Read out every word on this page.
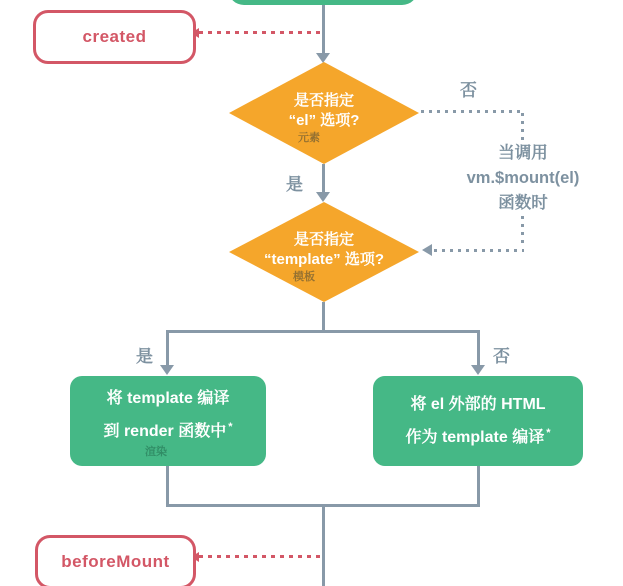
created
是否指定
“el” 选项?
元素
否
当调用
vm.$mount(el)
函数时
是
是否指定
“template” 选项?
模板
是	否
将 template 编译
到 render 函数中 *
渲染
将 el 外部的 HTML
作为 template 编译 *
beforeMount
